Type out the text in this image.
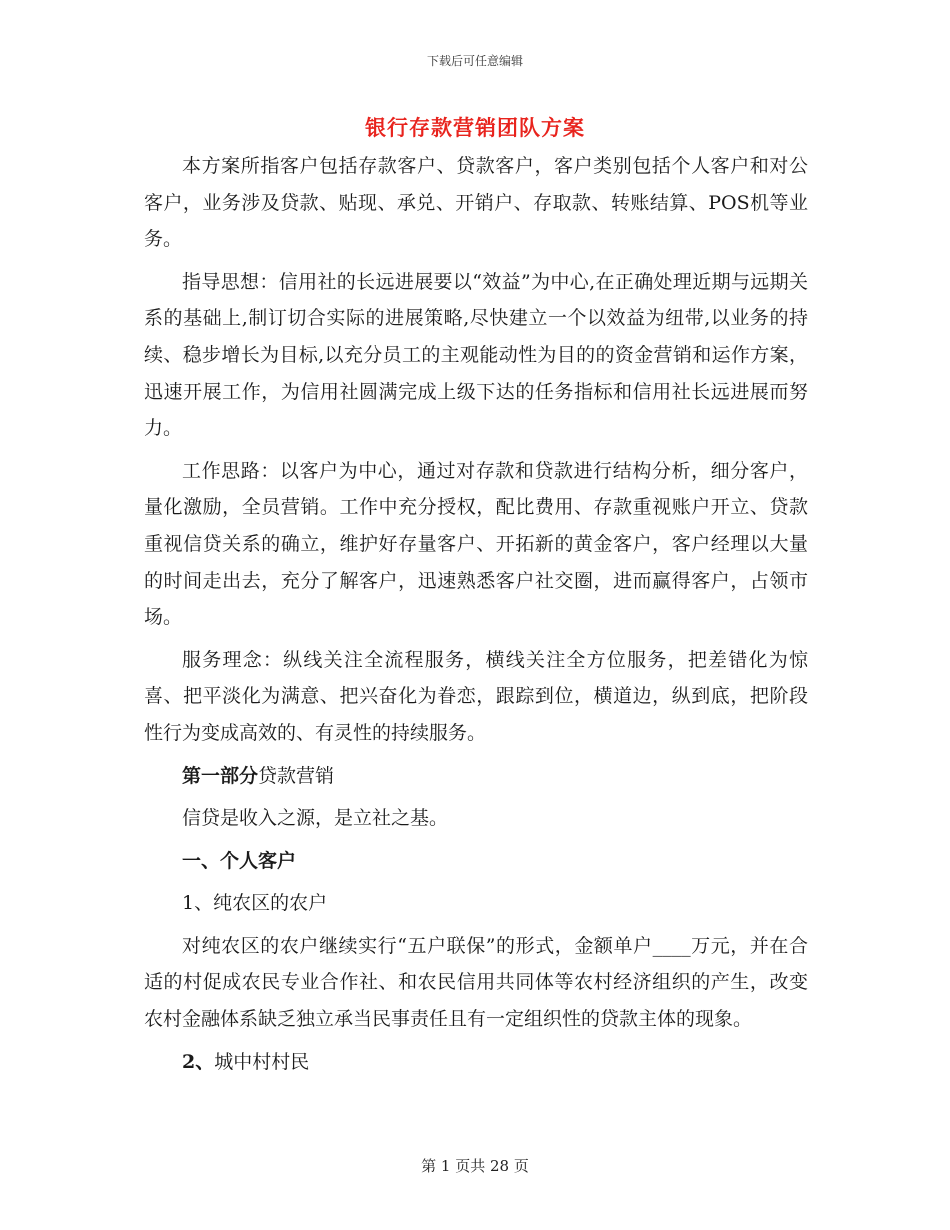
下载后可任意编辑
银行存款营销团队方案

本方案所指客户包括存款客户、贷款客户，客户类别包括个人客户和对公客户，业务涉及贷款、贴现、承兑、开销户、存取款、转账结算、POS机等业务。

指导思想：信用社的长远进展要以“效益”为中心,在正确处理近期与远期关系的基础上,制订切合实际的进展策略,尽快建立一个以效益为纽带,以业务的持续、稳步增长为目标,以充分员工的主观能动性为目的的资金营销和运作方案，迅速开展工作，为信用社圆满完成上级下达的任务指标和信用社长远进展而努力。

工作思路：以客户为中心，通过对存款和贷款进行结构分析，细分客户，量化激励，全员营销。工作中充分授权，配比费用、存款重视账户开立、贷款重视信贷关系的确立，维护好存量客户、开拓新的黄金客户，客户经理以大量的时间走出去，充分了解客户，迅速熟悉客户社交圈，进而赢得客户，占领市场。

服务理念：纵线关注全流程服务，横线关注全方位服务，把差错化为惊喜、把平淡化为满意、把兴奋化为眷恋，跟踪到位，横道边，纵到底，把阶段性行为变成高效的、有灵性的持续服务。

第一部分贷款营销

信贷是收入之源，是立社之基。

一、个人客户

1、纯农区的农户

对纯农区的农户继续实行“五户联保”的形式，金额单户____万元，并在合适的村促成农民专业合作社、和农民信用共同体等农村经济组织的产生，改变农村金融体系缺乏独立承当民事责任且有一定组织性的贷款主体的现象。

2、城中村村民

第 1 页共 28 页
